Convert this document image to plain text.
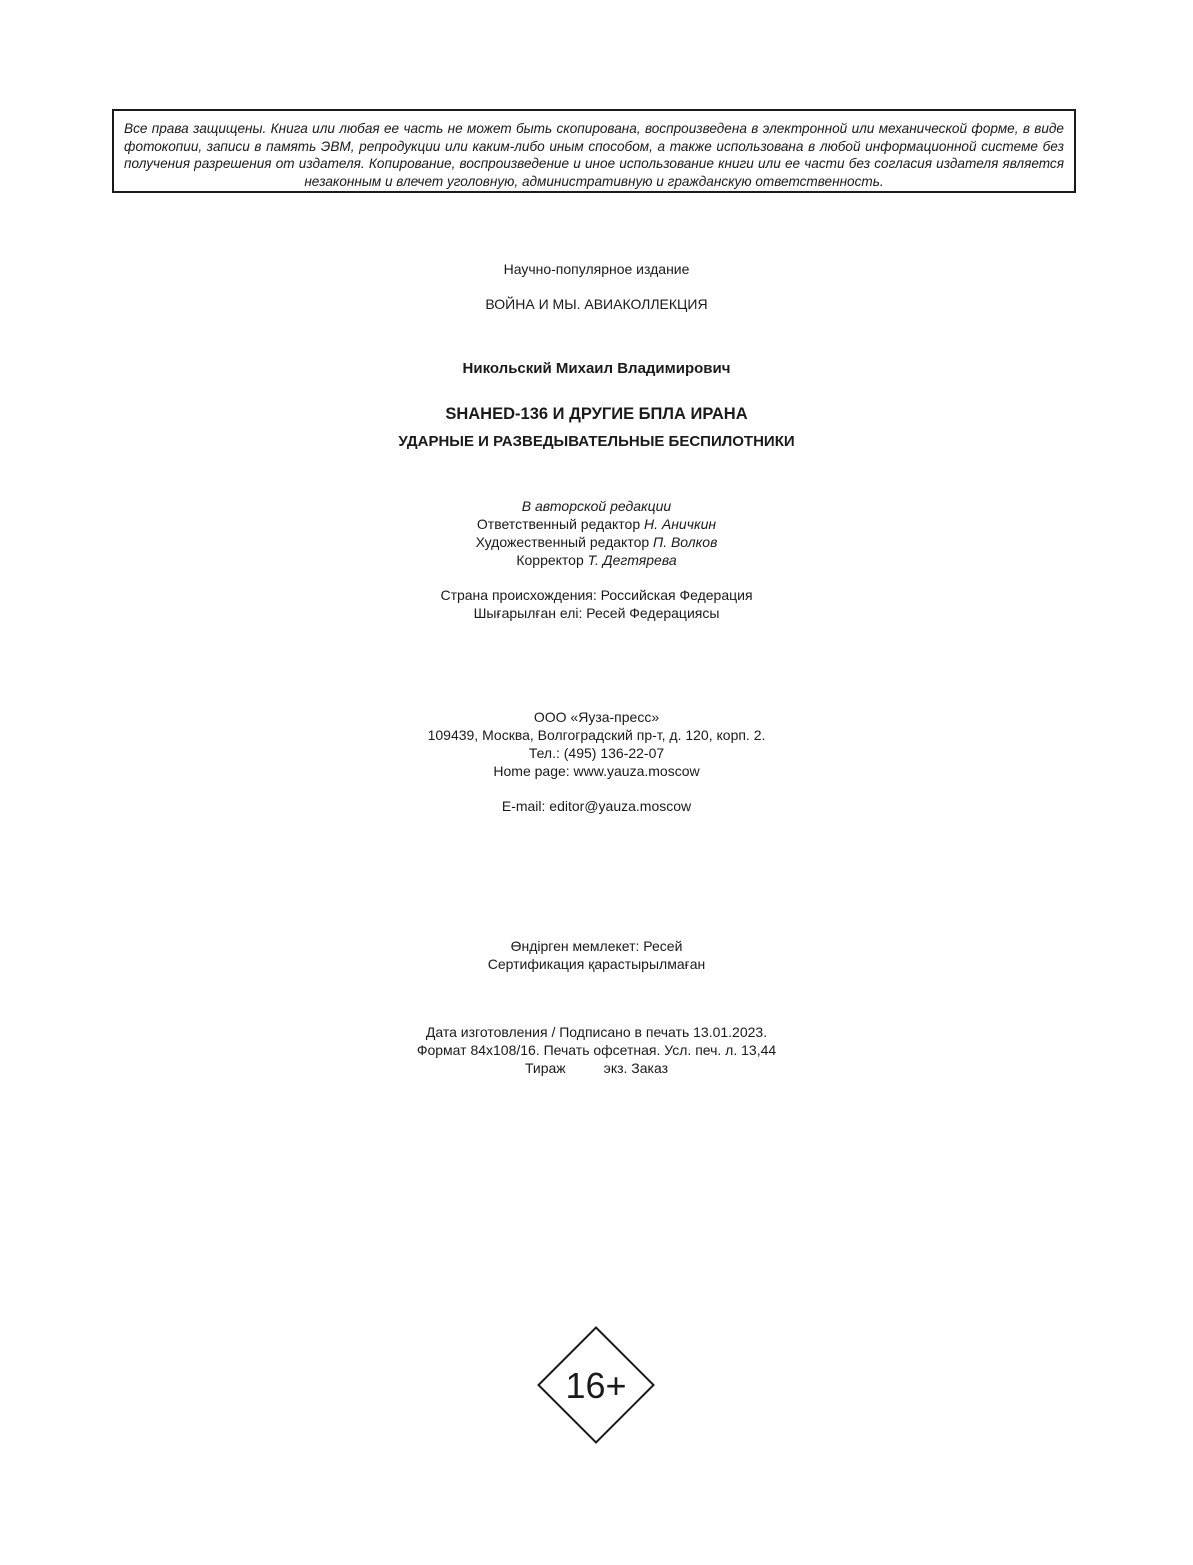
Все права защищены. Книга или любая ее часть не может быть скопирована, воспроизведена в электронной или механической форме, в виде фотокопии, записи в память ЭВМ, репродукции или каким-либо иным способом, а также использована в любой информационной системе без получения разрешения от издателя. Копирование, воспроизведение и иное использование книги или ее части без согласия издателя является незаконным и влечет уголовную, административную и гражданскую ответственность.
Научно-популярное издание
ВОЙНА И МЫ. АВИАКОЛЛЕКЦИЯ
Никольский Михаил Владимирович
SHAHED-136 И ДРУГИЕ БПЛА ИРАНА
УДАРНЫЕ И РАЗВЕДЫВАТЕЛЬНЫЕ БЕСПИЛОТНИКИ
В авторской редакции
Ответственный редактор Н. Аничкин
Художественный редактор П. Волков
Корректор Т. Дегтярева
Страна происхождения: Российская Федерация
Шығарылған елі: Ресей Федерациясы
ООО «Яуза-пресс»
109439, Москва, Волгоградский пр-т, д. 120, корп. 2.
Тел.: (495) 136-22-07
Home page: www.yauza.moscow
E-mail: editor@yauza.moscow
Өндірген мемлекет: Ресей
Сертификация қарастырылмаған
Дата изготовления / Подписано в печать 13.01.2023.
Формат 84x108/16. Печать офсетная. Усл. печ. л. 13,44
Тираж	экз. Заказ
16+
